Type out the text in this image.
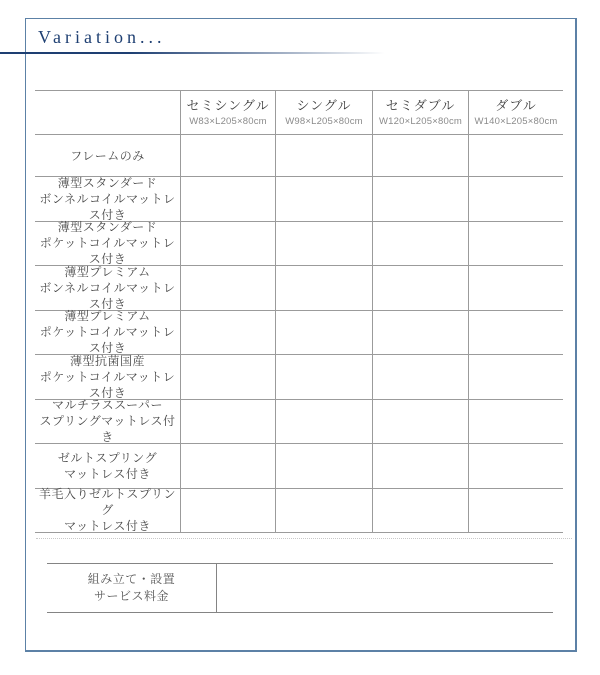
Variation...
セミシングル
W83×L205×80cm
シングル
W98×L205×80cm
セミダブル
W120×L205×80cm
ダブル
W140×L205×80cm
フレームのみ
薄型スタンダード
ボンネルコイルマットレス付き
薄型スタンダード
ポケットコイルマットレス付き
薄型プレミアム
ボンネルコイルマットレス付き
薄型プレミアム
ポケットコイルマットレス付き
薄型抗菌国産
ポケットコイルマットレス付き
マルチラススーパー
スプリングマットレス付き
ゼルトスプリング
マットレス付き
羊毛入りゼルトスプリング
マットレス付き
組み立て・設置
サービス料金
